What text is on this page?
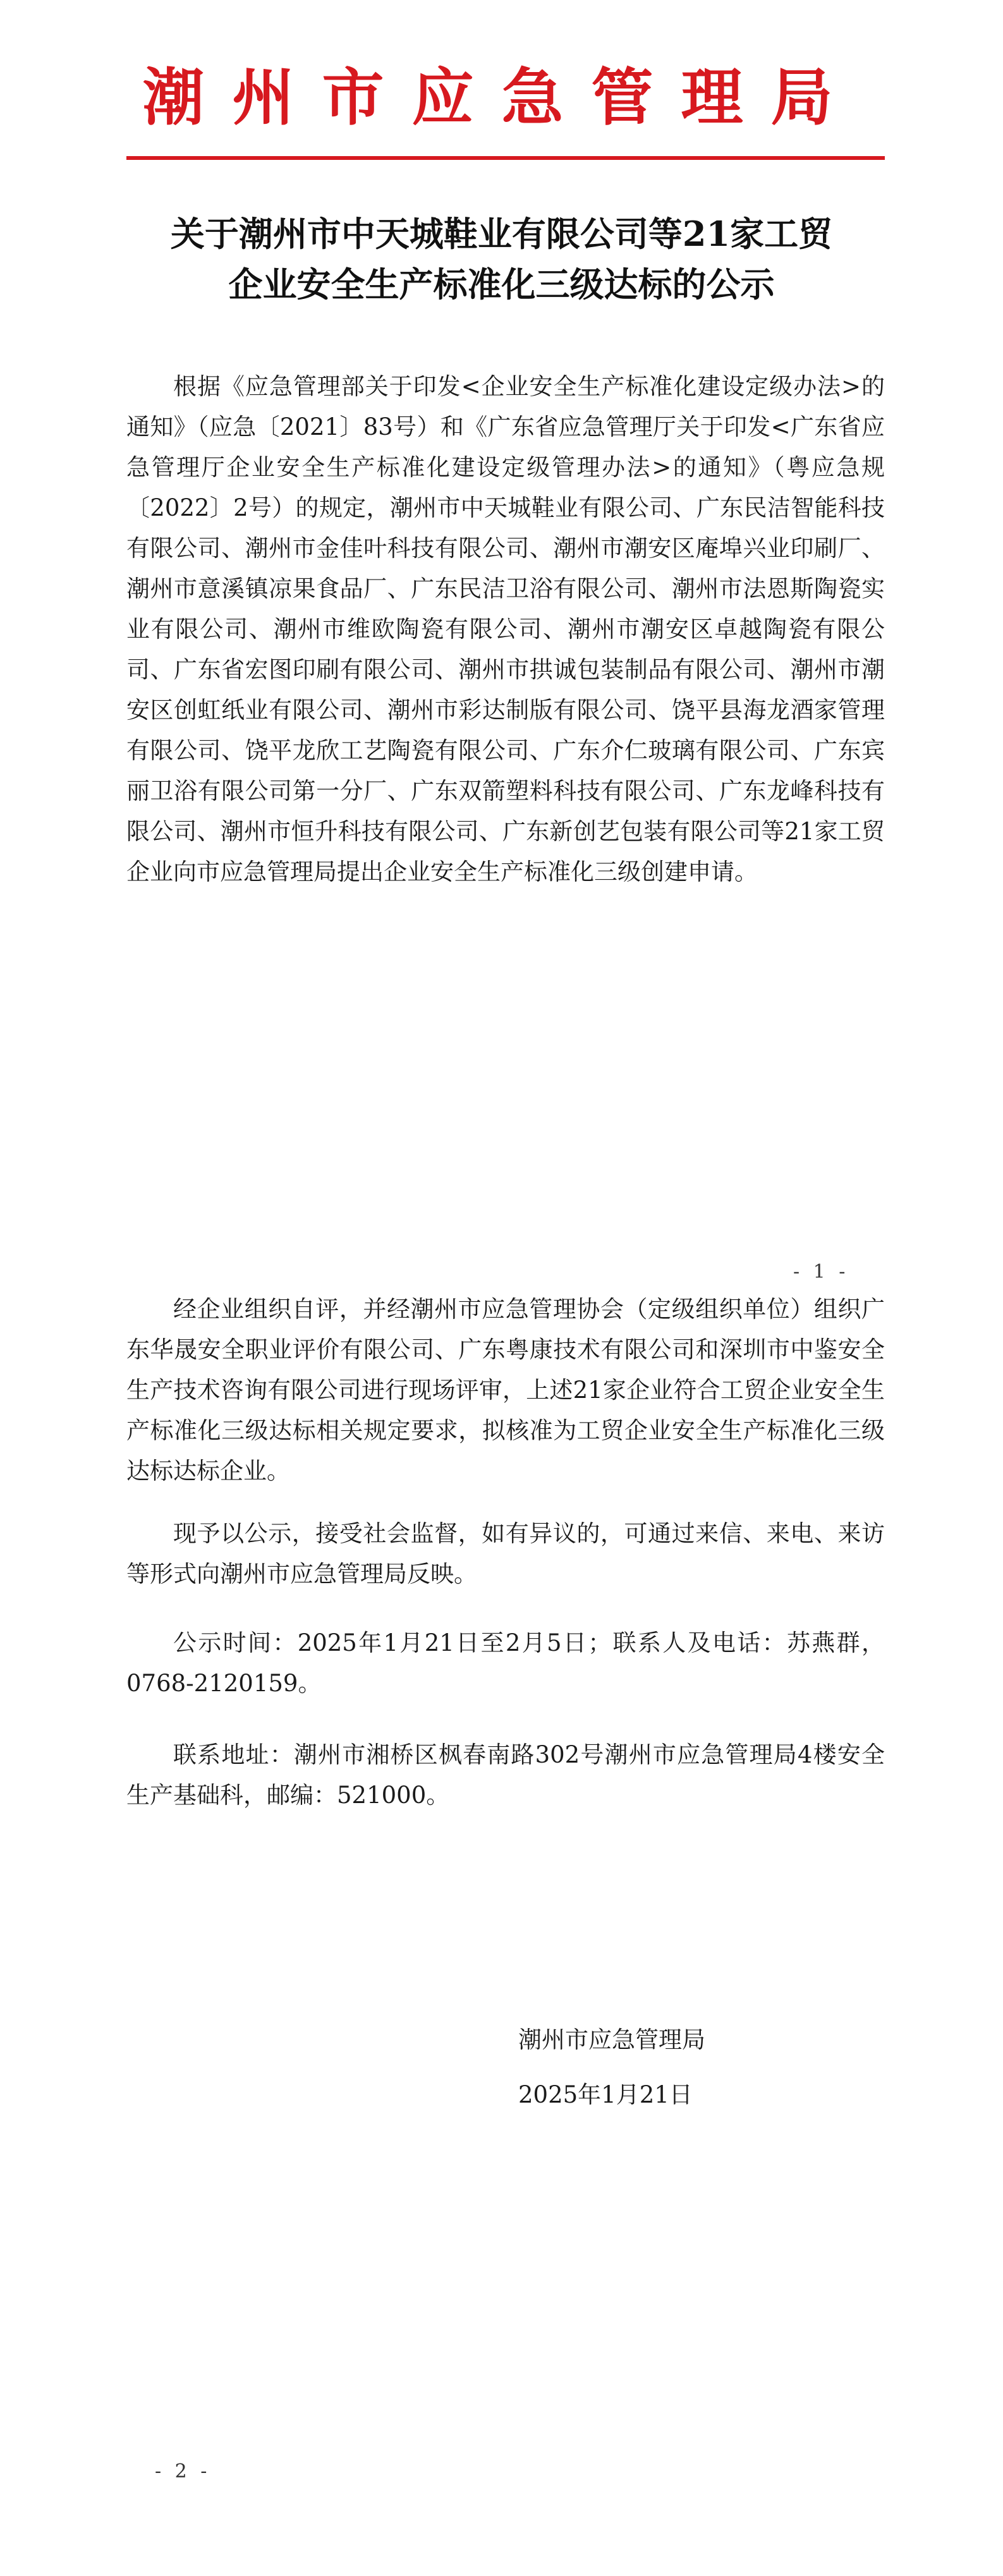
潮州市应急管理局
关于潮州市中天城鞋业有限公司等21家工贸
企业安全生产标准化三级达标的公示

根据《应急管理部关于印发<企业安全生产标准化建设定级办法>的通知》（应急〔2021〕83号）和《广东省应急管理厅关于印发<广东省应急管理厅企业安全生产标准化建设定级管理办法>的通知》（粤应急规〔2022〕2号）的规定，潮州市中天城鞋业有限公司、广东民洁智能科技有限公司、潮州市金佳叶科技有限公司、潮州市潮安区庵埠兴业印刷厂、潮州市意溪镇凉果食品厂、广东民洁卫浴有限公司、潮州市法恩斯陶瓷实业有限公司、潮州市维欧陶瓷有限公司、潮州市潮安区卓越陶瓷有限公司、广东省宏图印刷有限公司、潮州市拱诚包装制品有限公司、潮州市潮安区创虹纸业有限公司、潮州市彩达制版有限公司、饶平县海龙酒家管理有限公司、饶平龙欣工艺陶瓷有限公司、广东介仁玻璃有限公司、广东宾丽卫浴有限公司第一分厂、广东双箭塑料科技有限公司、广东龙峰科技有限公司、潮州市恒升科技有限公司、广东新创艺包装有限公司等21家工贸企业向市应急管理局提出企业安全生产标准化三级创建申请。

- 1 -

经企业组织自评，并经潮州市应急管理协会（定级组织单位）组织广东华晟安全职业评价有限公司、广东粤康技术有限公司和深圳市中鉴安全生产技术咨询有限公司进行现场评审，上述21家企业符合工贸企业安全生产标准化三级达标相关规定要求，拟核准为工贸企业安全生产标准化三级达标达标企业。

现予以公示，接受社会监督，如有异议的，可通过来信、来电、来访等形式向潮州市应急管理局反映。

公示时间：2025年1月21日至2月5日；联系人及电话：苏燕群，0768-2120159。

联系地址：潮州市湘桥区枫春南路302号潮州市应急管理局4楼安全生产基础科，邮编：521000。

潮州市应急管理局
2025年1月21日
- 2 -
